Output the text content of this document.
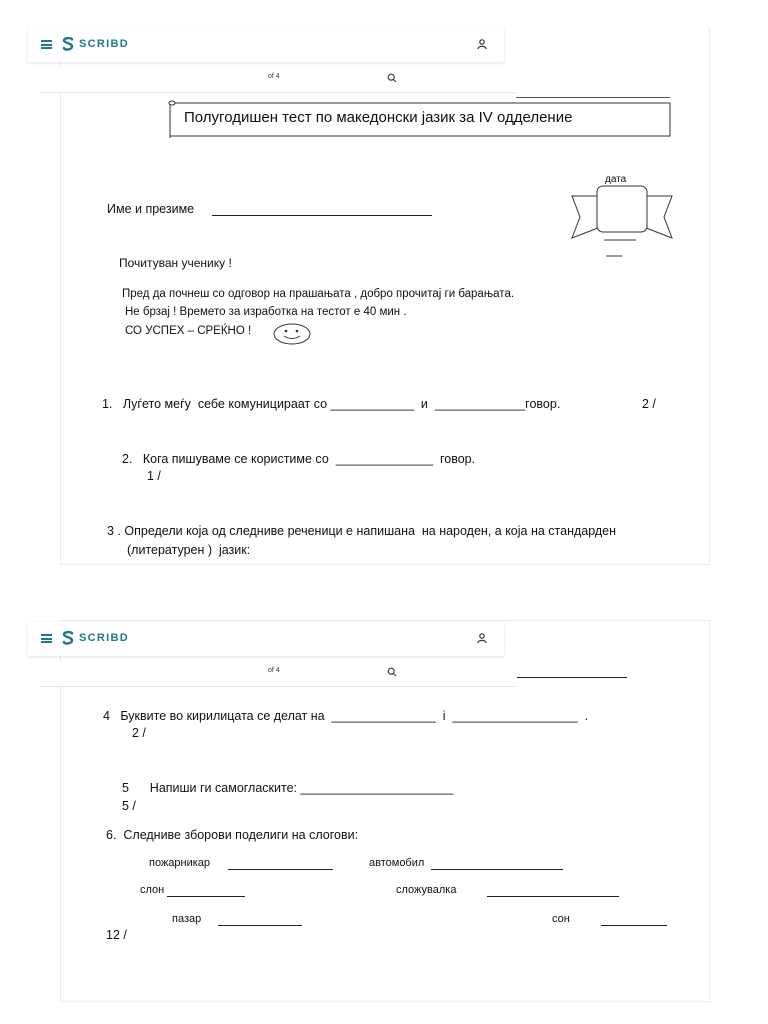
SCRIBD
of 4
Полугодишен тест по македонски јазик за IV одделение
дата
Име и презиме
Почитуван ученику !
Пред да почнеш со одговор на прашањата , добро прочитај ги барањата.
Не брзај ! Времето за изработка на тестот е 40 мин .
СО УСПЕХ – СРЕЌНО !
1.   Луѓето меѓу  себе комуницираат со ____________  и  _____________говор.	2 /
2.   Кога пишуваме се користиме со  ______________  говор.
1 /
3 . Определи која од следниве реченици е напишана  на народен, а која на стандарден
(литературен )  јазик:
SCRIBD
of 4
4   Буквите во кирилицата се делат на  _______________  і  __________________  .
2 /
5      Напиши ги самогласките: ______________________
5 /
6.  Следниве зборови поделиги на слогови:
пожарникар	автомобил
слон	сложувалка
пазар	сон
12 /
